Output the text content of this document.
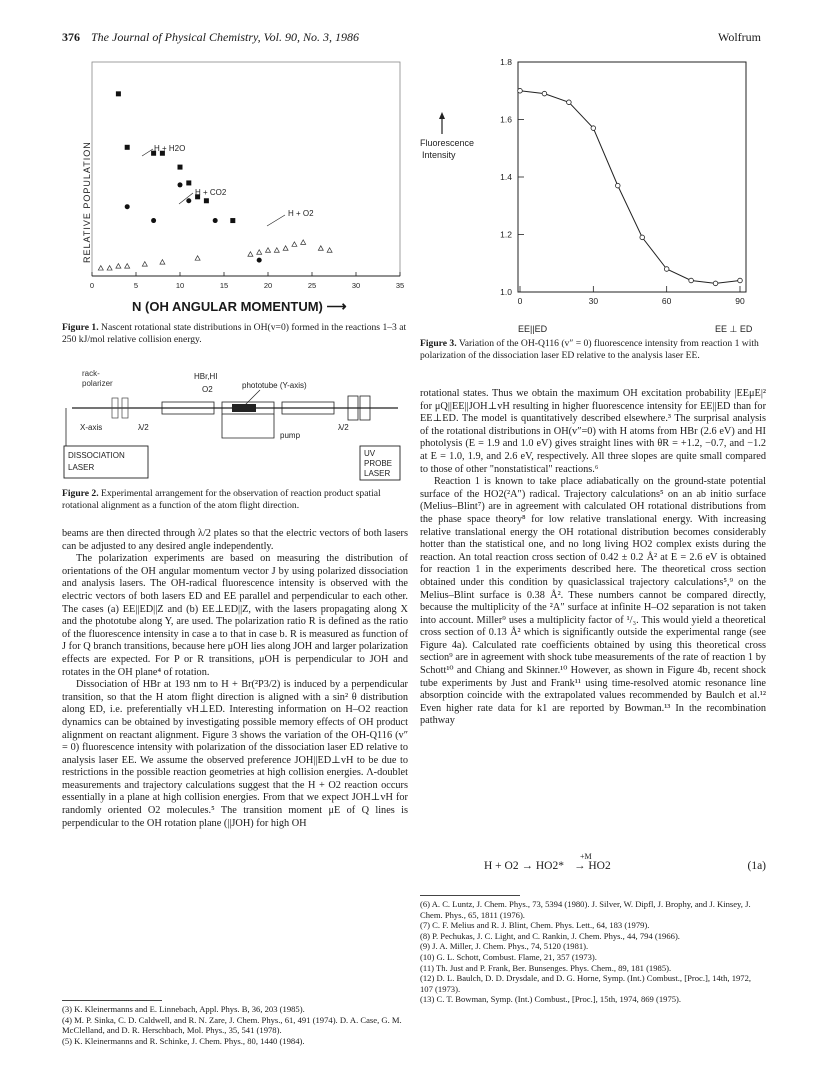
376 The Journal of Physical Chemistry, Vol. 90, No. 3, 1986	Wolfrum
RELATIVE POPULATION
0	5	10	15	20	25	30	35
H + H2O
H + CO2
H + O2
N (OH ANGULAR MOMENTUM) ⟶
Figure 1. Nascent rotational state distributions in OH(v=0) formed in the reactions 1–3 at 250 kJ/mol relative collision energy.
rack-
polarizer
HBr,HI
O2	phototube (Y-axis)
X-axis	λ/2	λ/2
pump
DISSOCIATION
LASER
UV
PROBE
LASER
Figure 2. Experimental arrangement for the observation of reaction product spatial rotational alignment as a function of the atom flight direction.
1.8
1.6
1.4
1.2
1.0
0	30	60	90
Fluorescence
Intensity
EE||ED	EE ⊥ ED
Figure 3. Variation of the OH-Q116 (v″ = 0) fluorescence intensity from reaction 1 with polarization of the dissociation laser ED relative to the analysis laser EE.

beams are then directed through λ/2 plates so that the electric vectors of both lasers can be adjusted to any desired angle independently.

The polarization experiments are based on measuring the distribution of orientations of the OH angular momentum vector J by using polarized dissociation and analysis lasers. The OH-radical fluorescence intensity is observed with the electric vectors of both lasers ED and EE parallel and perpendicular to each other. The cases (a) EE||ED||Z and (b) EE⊥ED||Z, with the lasers propagating along X and the phototube along Y, are used. The polarization ratio R is defined as the ratio of the fluorescence intensity in case a to that in case b. R is measured as function of J for Q branch transitions, because here μOH lies along JOH and larger polarization effects are expected. For P or R transitions, μOH is perpendicular to JOH and rotates in the OH plane⁴ of rotation.

Dissociation of HBr at 193 nm to H + Br(²P3/2) is induced by a perpendicular transition, so that the H atom flight direction is aligned with a sin² θ distribution along ED, i.e. preferentially vH⊥ED. Interesting information on H–O2 reaction dynamics can be obtained by investigating possible memory effects of OH product alignment on reactant alignment. Figure 3 shows the variation of the OH-Q116 (v″ = 0) fluorescence intensity with polarization of the dissociation laser ED relative to analysis laser EE. We assume the observed preference JOH||ED⊥vH to be due to restrictions in the possible reaction geometries at high collision energies. Λ-doublet measurements and trajectory calculations suggest that the H + O2 reaction occurs essentially in a plane at high collision energies. From that we expect JOH⊥vH for randomly oriented O2 molecules.⁵ The transition moment μE of Q lines is perpendicular to the OH rotation plane (||JOH) for high OH

rotational states. Thus we obtain the maximum OH excitation probability |EEμE|² for μQ||EE||JOH⊥vH resulting in higher fluorescence intensity for EE||ED than for EE⊥ED. The model is quantitatively described elsewhere.³ The surprisal analysis of the rotational distributions in OH(v″=0) with H atoms from HBr (2.6 eV) and HI photolysis (E = 1.9 and 1.0 eV) gives straight lines with θR = +1.2, −0.7, and −1.2 at E = 1.0, 1.9, and 2.6 eV, respectively. All three slopes are quite small compared to those of other "nonstatistical" reactions.⁶

Reaction 1 is known to take place adiabatically on the ground-state potential surface of the HO2(²A″) radical. Trajectory calculations⁵ on an ab initio surface (Melius–Blint⁷) are in agreement with calculated OH rotational distributions from the phase space theory⁸ for low relative translational energy. With increasing relative translational energy the OH rotational distribution becomes considerably hotter than the statistical one, and no long living HO2 complex exists during the reaction. An total reaction cross section of 0.42 ± 0.2 Å² at E = 2.6 eV is obtained for reaction 1 in the experiments described here. The theoretical cross section obtained under this condition by quasiclassical trajectory calculations⁵,⁹ on the Melius–Blint surface is 0.38 Å². These numbers cannot be compared directly, because the multiplicity of the ²A″ surface at infinite H–O2 separation is not taken into account. Miller⁹ uses a multiplicity factor of ¹/₃. This would yield a theoretical cross section of 0.13 Å² which is significantly outside the experimental range (see Figure 4a). Calculated rate coefficients obtained by using this theoretical cross section⁹ are in agreement with shock tube measurements of the rate of reaction 1 by Schott¹⁰ and Chiang and Skinner.¹⁰ However, as shown in Figure 4b, recent shock tube experiments by Just and Frank¹¹ using time-resolved atomic resonance line absorption coincide with the extrapolated values recommended by Baulch et al.¹² Even higher rate data for k1 are reported by Bowman.¹³ In the recombination pathway

H + O2 → HO2*
+M
→ HO2	(1a)

(3) K. Kleinermanns and E. Linnebach, Appl. Phys. B, 36, 203 (1985).

(4) M. P. Sinka, C. D. Caldwell, and R. N. Zare, J. Chem. Phys., 61, 491 (1974). D. A. Case, G. M. McClelland, and D. R. Herschbach, Mol. Phys., 35, 541 (1978).

(5) K. Kleinermanns and R. Schinke, J. Chem. Phys., 80, 1440 (1984).

(6) A. C. Luntz, J. Chem. Phys., 73, 5394 (1980). J. Silver, W. Dipfl, J. Brophy, and J. Kinsey, J. Chem. Phys., 65, 1811 (1976).

(7) C. F. Melius and R. J. Blint, Chem. Phys. Lett., 64, 183 (1979).

(8) P. Pechukas, J. C. Light, and C. Rankin, J. Chem. Phys., 44, 794 (1966).

(9) J. A. Miller, J. Chem. Phys., 74, 5120 (1981).

(10) G. L. Schott, Combust. Flame, 21, 357 (1973).

(11) Th. Just and P. Frank, Ber. Bunsenges. Phys. Chem., 89, 181 (1985).

(12) D. L. Baulch, D. D. Drysdale, and D. G. Horne, Symp. (Int.) Combust., [Proc.], 14th, 1972, 107 (1973).

(13) C. T. Bowman, Symp. (Int.) Combust., [Proc.], 15th, 1974, 869 (1975).
